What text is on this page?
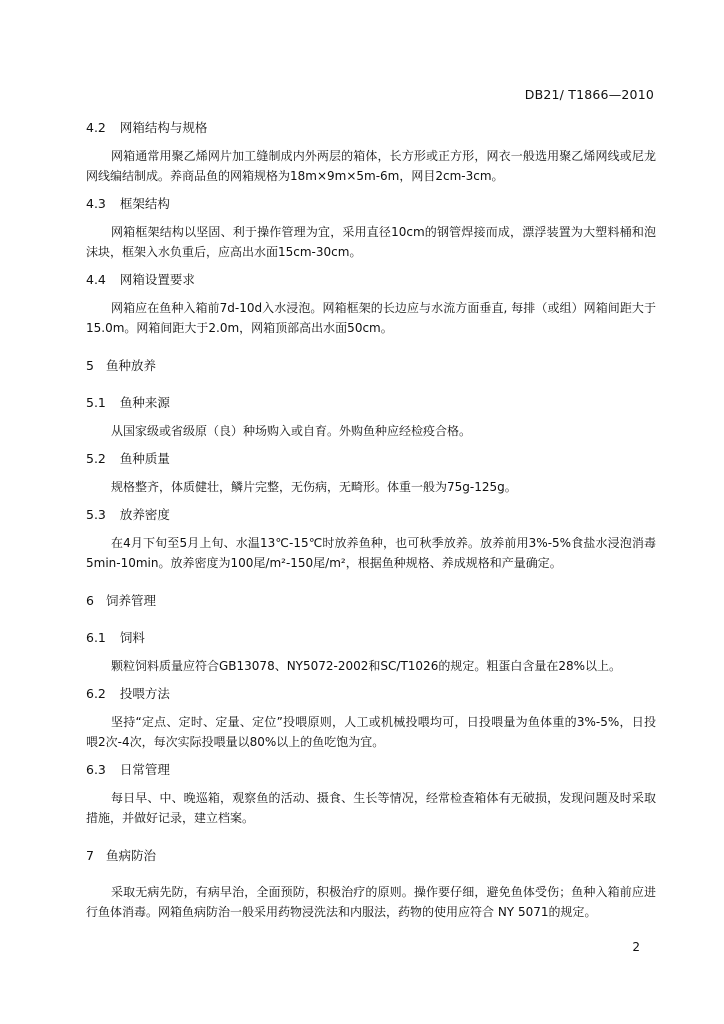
DB21/ T1866—2010
4.2 网箱结构与规格

网箱通常用聚乙烯网片加工缝制成内外两层的箱体，长方形或正方形，网衣一般选用聚乙烯网线或尼龙网线编结制成。养商品鱼的网箱规格为18m×9m×5m-6m，网目2cm-3cm。

4.3 框架结构

网箱框架结构以坚固、利于操作管理为宜，采用直径10cm的钢管焊接而成，漂浮装置为大塑料桶和泡沫块，框架入水负重后，应高出水面15cm-30cm。

4.4 网箱设置要求

网箱应在鱼种入箱前7d-10d入水浸泡。网箱框架的长边应与水流方面垂直, 每排（或组）网箱间距大于15.0m。网箱间距大于2.0m，网箱顶部高出水面50cm。

5 鱼种放养
5.1 鱼种来源

从国家级或省级原（良）种场购入或自育。外购鱼种应经检疫合格。

5.2 鱼种质量

规格整齐，体质健壮，鳞片完整，无伤病，无畸形。体重一般为75g-125g。

5.3 放养密度

在4月下旬至5月上旬、水温13℃-15℃时放养鱼种，也可秋季放养。放养前用3%-5%食盐水浸泡消毒5min-10min。放养密度为100尾/m²-150尾/m²，根据鱼种规格、养成规格和产量确定。

6 饲养管理
6.1 饲料

颗粒饲料质量应符合GB13078、NY5072-2002和SC/T1026的规定。粗蛋白含量在28%以上。

6.2 投喂方法

坚持“定点、定时、定量、定位”投喂原则，人工或机械投喂均可，日投喂量为鱼体重的3%-5%，日投喂2次-4次，每次实际投喂量以80%以上的鱼吃饱为宜。

6.3 日常管理

每日早、中、晚巡箱，观察鱼的活动、摄食、生长等情况，经常检查箱体有无破损，发现问题及时采取措施，并做好记录，建立档案。

7 鱼病防治

采取无病先防，有病早治，全面预防，积极治疗的原则。操作要仔细，避免鱼体受伤；鱼种入箱前应进行鱼体消毒。网箱鱼病防治一般采用药物浸洗法和内服法，药物的使用应符合 NY 5071的规定。

2
